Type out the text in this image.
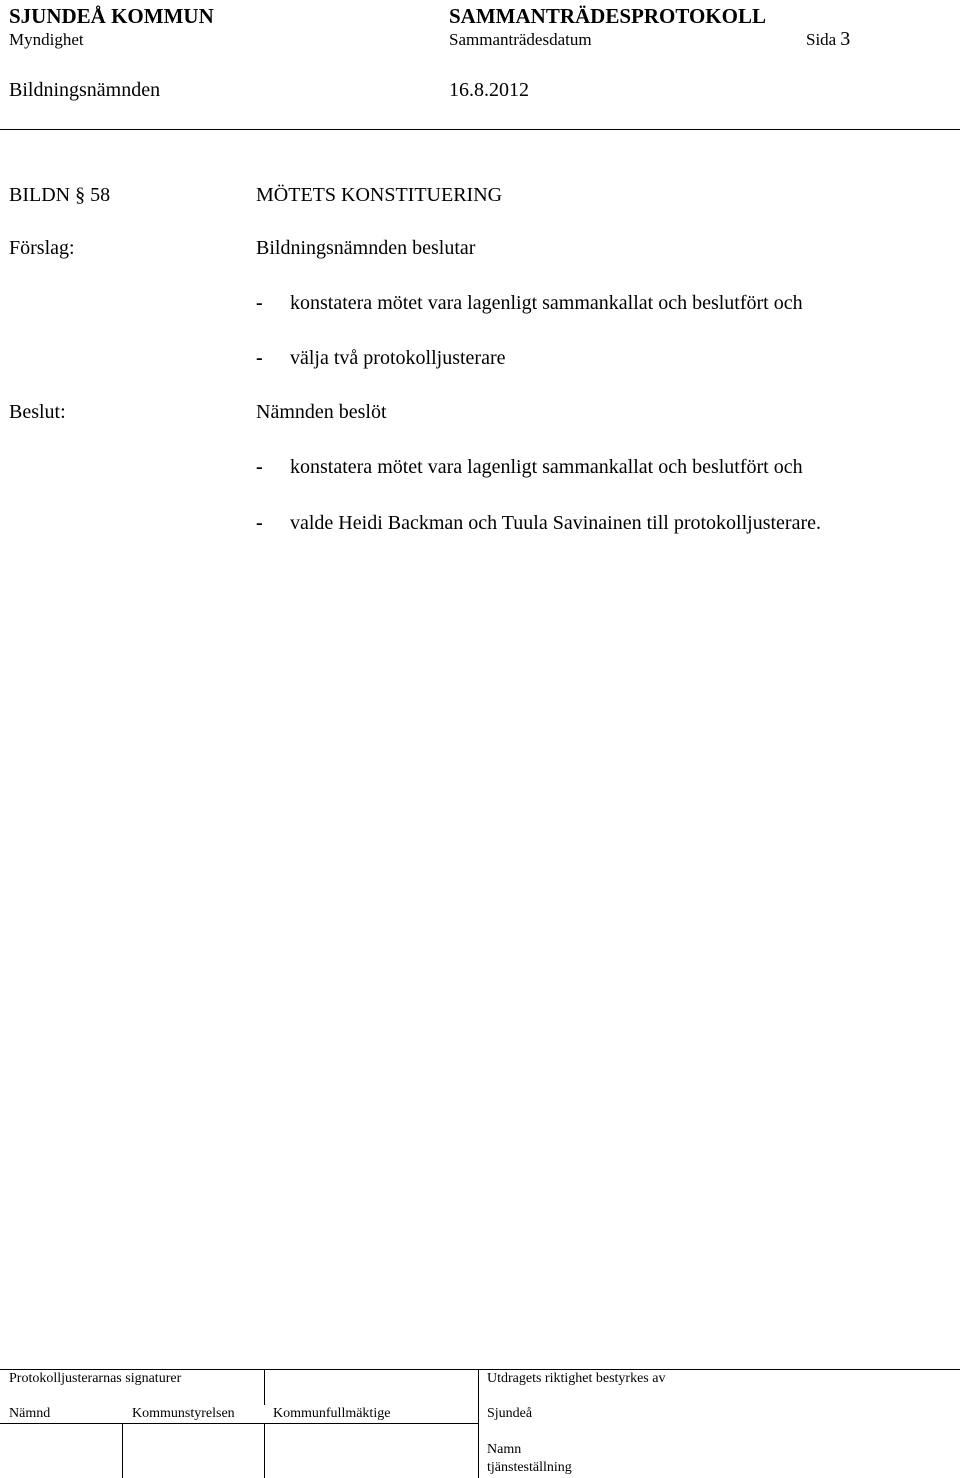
SJUNDEÅ KOMMUN	SAMMANTRÄDESPROTOKOLL
Myndighet	Sammanträdesdatum	Sida 3
Bildningsnämnden	16.8.2012
BILDN § 58	MÖTETS KONSTITUERING
Förslag:	Bildningsnämnden beslutar
- konstatera mötet vara lagenligt sammankallat och beslutfört och
- välja två protokolljusterare
Beslut:	Nämnden beslöt
- konstatera mötet vara lagenligt sammankallat och beslutfört och
- valde Heidi Backman och Tuula Savinainen till protokolljusterare.
Protokolljusterarnas signaturer	Utdragets riktighet bestyrkes av
Nämnd	Kommunstyrelsen	Kommunfullmäktige	Sjundeå
Namn
tjänsteställning
